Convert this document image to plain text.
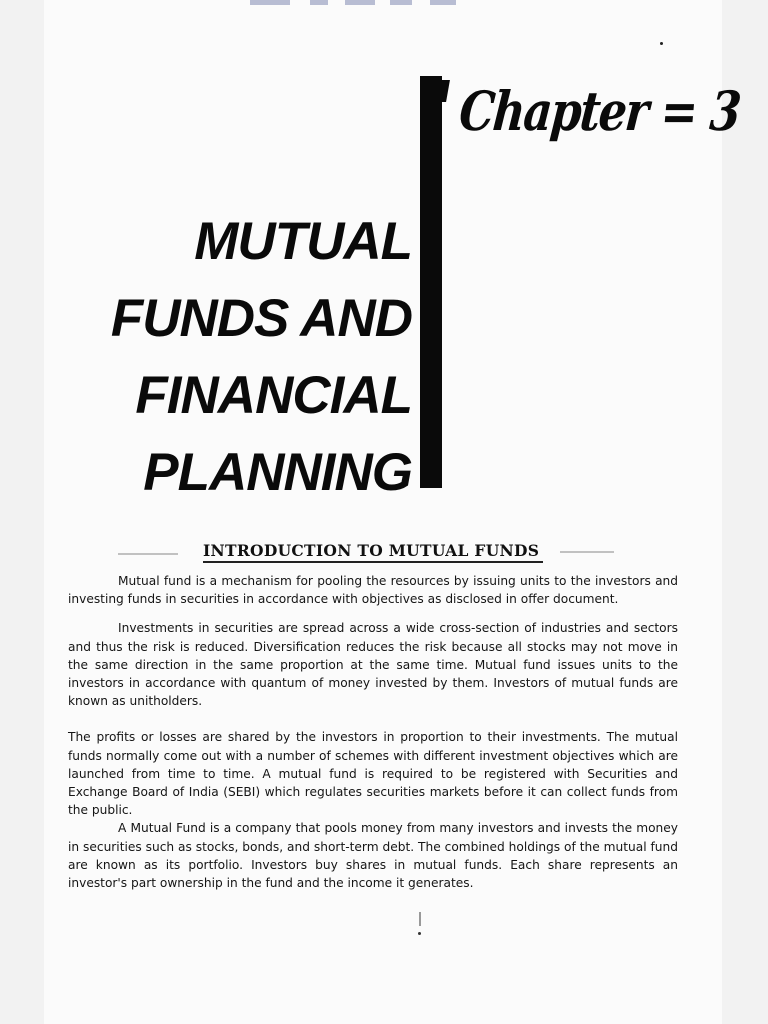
Chapter = 3
MUTUAL
FUNDS AND
FINANCIAL
PLANNING
INTRODUCTION TO MUTUAL FUNDS

Mutual fund is a mechanism for pooling the resources by issuing units to the investors and investing funds in securities in accordance with objectives as disclosed in offer document.

Investments in securities are spread across a wide cross-section of industries and sectors and thus the risk is reduced. Diversification reduces the risk because all stocks may not move in the same direction in the same proportion at the same time. Mutual fund issues units to the investors in accordance with quantum of money invested by them. Investors of mutual funds are known as unitholders.

The profits or losses are shared by the investors in proportion to their investments. The mutual funds normally come out with a number of schemes with different investment objectives which are launched from time to time. A mutual fund is required to be registered with Securities and Exchange Board of India (SEBI) which regulates securities markets before it can collect funds from the public.

A Mutual Fund is a company that pools money from many investors and invests the money in securities such as stocks, bonds, and short-term debt. The combined holdings of the mutual fund are known as its portfolio. Investors buy shares in mutual funds. Each share represents an investor's part ownership in the fund and the income it generates.
